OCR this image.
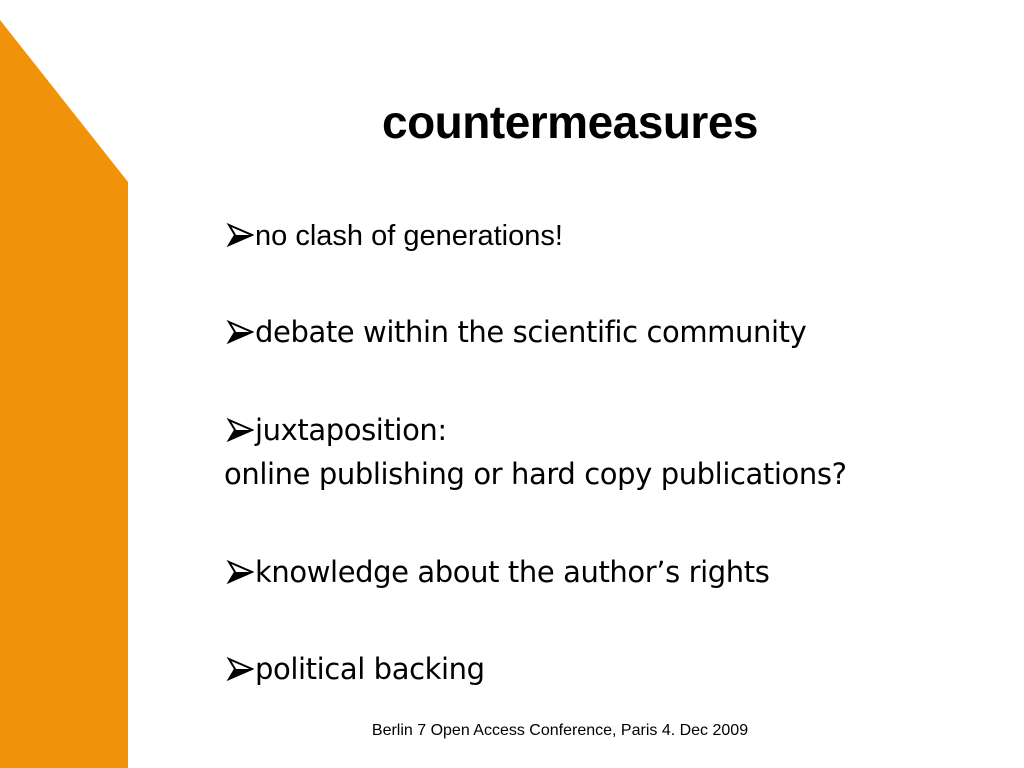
countermeasures
no clash of generations!
debate within the scientific community
juxtaposition:
online publishing or hard copy publications?
knowledge about the author’s rights
political backing
Berlin 7 Open Access Conference, Paris 4. Dec 2009
